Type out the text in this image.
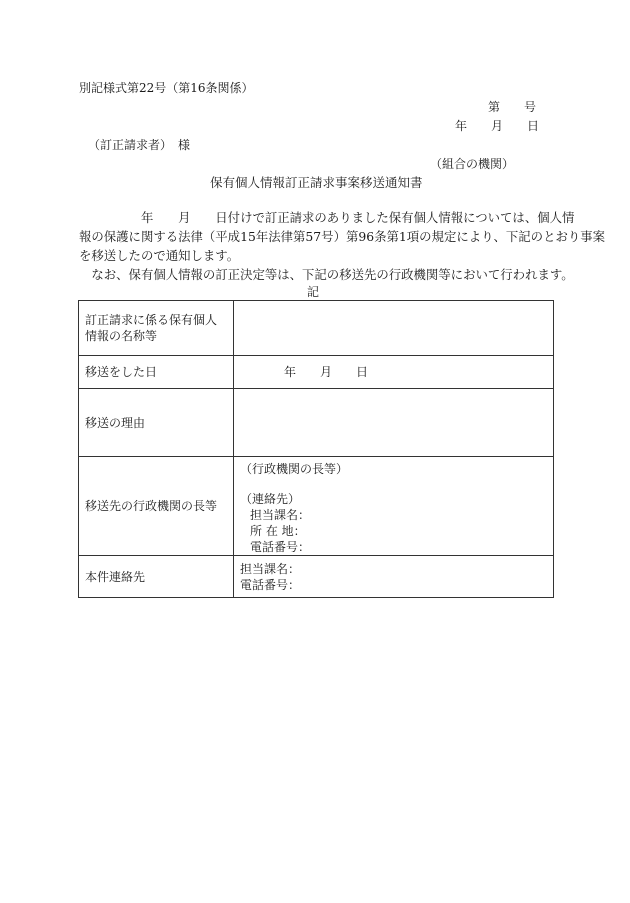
別記様式第22号（第16条関係）
第　　号
年　　月　　日
（訂正請求者）　様
（組合の機関）
保有個人情報訂正請求事案移送通知書
　　　　　年　　月　　日付けで訂正請求のありました保有個人情報については、個人情
報の保護に関する法律（平成15年法律第57号）第96条第1項の規定により、下記のとおり事案
を移送したので通知します。
　なお、保有個人情報の訂正決定等は、下記の移送先の行政機関等において行われます。
記
訂正請求に係る保有個人情報の名称等	
移送をした日	年　　月　　日
移送の理由	
移送先の行政機関の長等	（行政機関の長等）
（連絡先）
担当課名：
所 在 地：
電話番号：

本件連絡先	担当課名：
電話番号：
